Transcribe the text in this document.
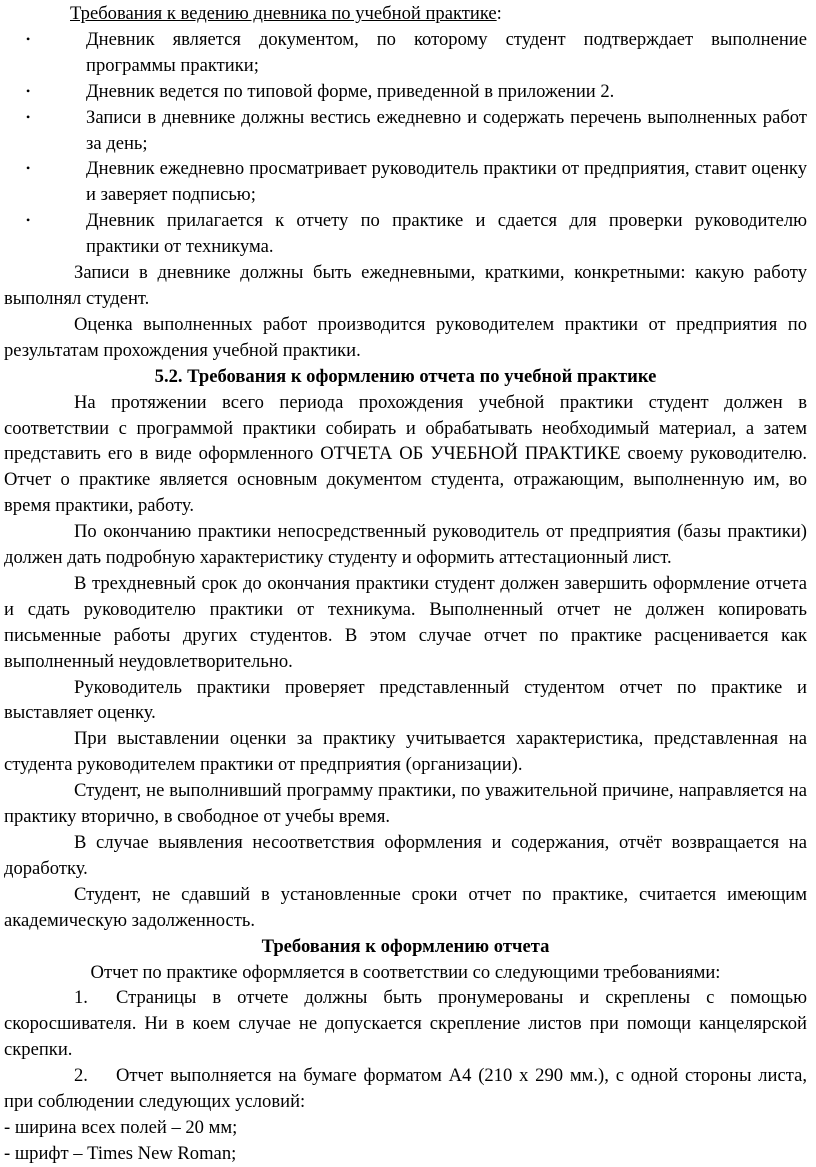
Требования к ведению дневника по учебной практике:

•	Дневник является документом, по которому студент подтверждает выполнение программы практики;
•	Дневник ведется по типовой форме, приведенной в приложении 2.
•	Записи в дневнике должны вестись ежедневно и содержать перечень выполненных работ за день;
•	Дневник ежедневно просматривает руководитель практики от предприятия, ставит оценку и заверяет подписью;
•	Дневник прилагается к отчету по практике и сдается для проверки руководителю практики от техникума.

Записи в дневнике должны быть ежедневными, краткими, конкретными: какую работу выполнял студент.

Оценка выполненных работ производится руководителем практики от предприятия по результатам прохождения учебной практики.

5.2. Требования к оформлению отчета по учебной практике

На протяжении всего периода прохождения учебной практики студент должен в соответствии с программой практики собирать и обрабатывать необходимый материал, а затем представить его в виде оформленного ОТЧЕТА ОБ УЧЕБНОЙ ПРАКТИКЕ своему руководителю. Отчет о практике является основным документом студента, отражающим, выполненную им, во время практики, работу.

По окончанию практики непосредственный руководитель от предприятия (базы практики) должен дать подробную характеристику студенту и оформить аттестационный лист.

В трехдневный срок до окончания практики студент должен завершить оформление отчета и сдать руководителю практики от техникума. Выполненный отчет не должен копировать письменные работы других студентов. В этом случае отчет по практике расценивается как выполненный неудовлетворительно.

Руководитель практики проверяет представленный студентом отчет по практике и выставляет оценку.

При выставлении оценки за практику учитывается характеристика, представленная на студента руководителем практики от предприятия (организации).

Студент, не выполнивший программу практики, по уважительной причине, направляется на практику вторично, в свободное от учебы время.

В случае выявления несоответствия оформления и содержания, отчёт возвращается на доработку.

Студент, не сдавший в установленные сроки отчет по практике, считается имеющим академическую задолженность.

Требования к оформлению отчета

Отчет по практике оформляется в соответствии со следующими требованиями:

1. Страницы в отчете должны быть пронумерованы и скреплены с помощью скоросшивателя. Ни в коем случае не допускается скрепление листов при помощи канцелярской скрепки.

2. Отчет выполняется на бумаге форматом А4 (210 х 290 мм.), с одной стороны листа, при соблюдении следующих условий:

- ширина всех полей – 20 мм;

- шрифт – Times New Roman;
